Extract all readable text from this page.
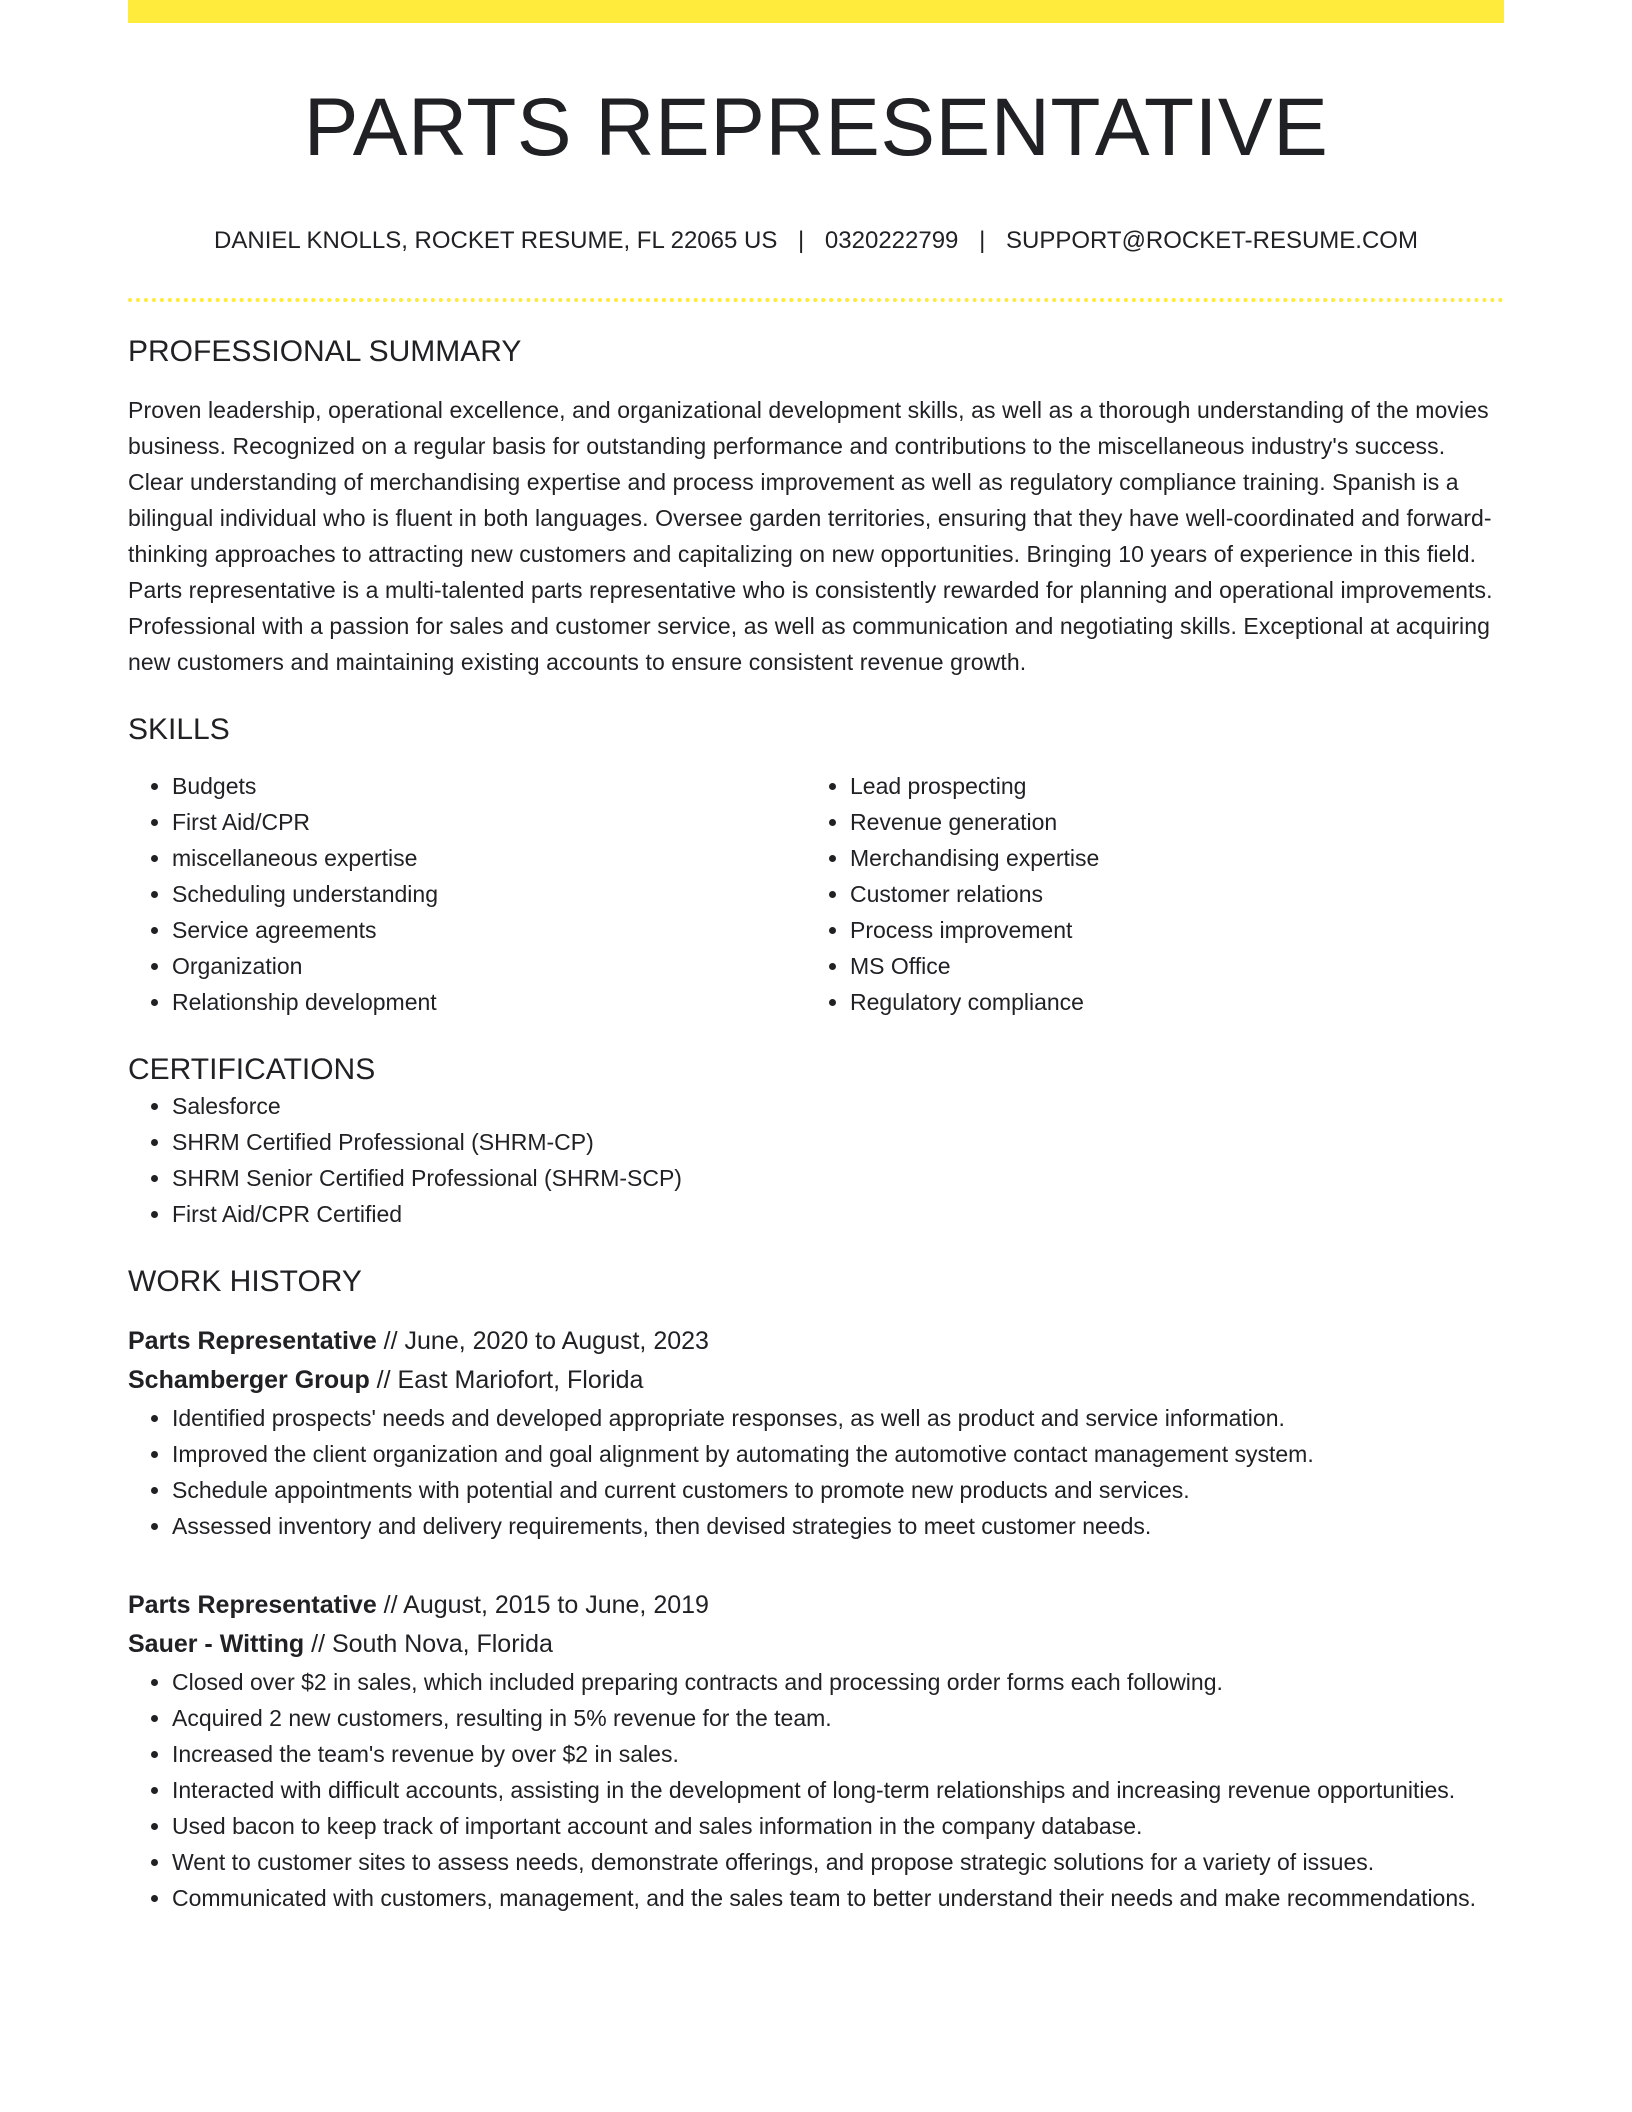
PARTS REPRESENTATIVE
DANIEL KNOLLS, ROCKET RESUME, FL 22065 US | 0320222799 | SUPPORT@ROCKET-RESUME.COM
PROFESSIONAL SUMMARY

Proven leadership, operational excellence, and organizational development skills, as well as a thorough understanding of the movies business. Recognized on a regular basis for outstanding performance and contributions to the miscellaneous industry's success. Clear understanding of merchandising expertise and process improvement as well as regulatory compliance training. Spanish is a bilingual individual who is fluent in both languages. Oversee garden territories, ensuring that they have well-coordinated and forward-thinking approaches to attracting new customers and capitalizing on new opportunities. Bringing 10 years of experience in this field. Parts representative is a multi-talented parts representative who is consistently rewarded for planning and operational improvements. Professional with a passion for sales and customer service, as well as communication and negotiating skills. Exceptional at acquiring new customers and maintaining existing accounts to ensure consistent revenue growth.

SKILLS
• Budgets
• First Aid/CPR
• miscellaneous expertise
• Scheduling understanding
• Service agreements
• Organization
• Relationship development
• Lead prospecting
• Revenue generation
• Merchandising expertise
• Customer relations
• Process improvement
• MS Office
• Regulatory compliance
CERTIFICATIONS
• Salesforce
• SHRM Certified Professional (SHRM-CP)
• SHRM Senior Certified Professional (SHRM-SCP)
• First Aid/CPR Certified
WORK HISTORY
Parts Representative // June, 2020 to August, 2023
Schamberger Group // East Mariofort, Florida
• Identified prospects' needs and developed appropriate responses, as well as product and service information.
• Improved the client organization and goal alignment by automating the automotive contact management system.
• Schedule appointments with potential and current customers to promote new products and services.
• Assessed inventory and delivery requirements, then devised strategies to meet customer needs.
Parts Representative // August, 2015 to June, 2019
Sauer - Witting // South Nova, Florida
• Closed over $2 in sales, which included preparing contracts and processing order forms each following.
• Acquired 2 new customers, resulting in 5% revenue for the team.
• Increased the team's revenue by over $2 in sales.
• Interacted with difficult accounts, assisting in the development of long-term relationships and increasing revenue opportunities.
• Used bacon to keep track of important account and sales information in the company database.
• Went to customer sites to assess needs, demonstrate offerings, and propose strategic solutions for a variety of issues.
• Communicated with customers, management, and the sales team to better understand their needs and make recommendations.
